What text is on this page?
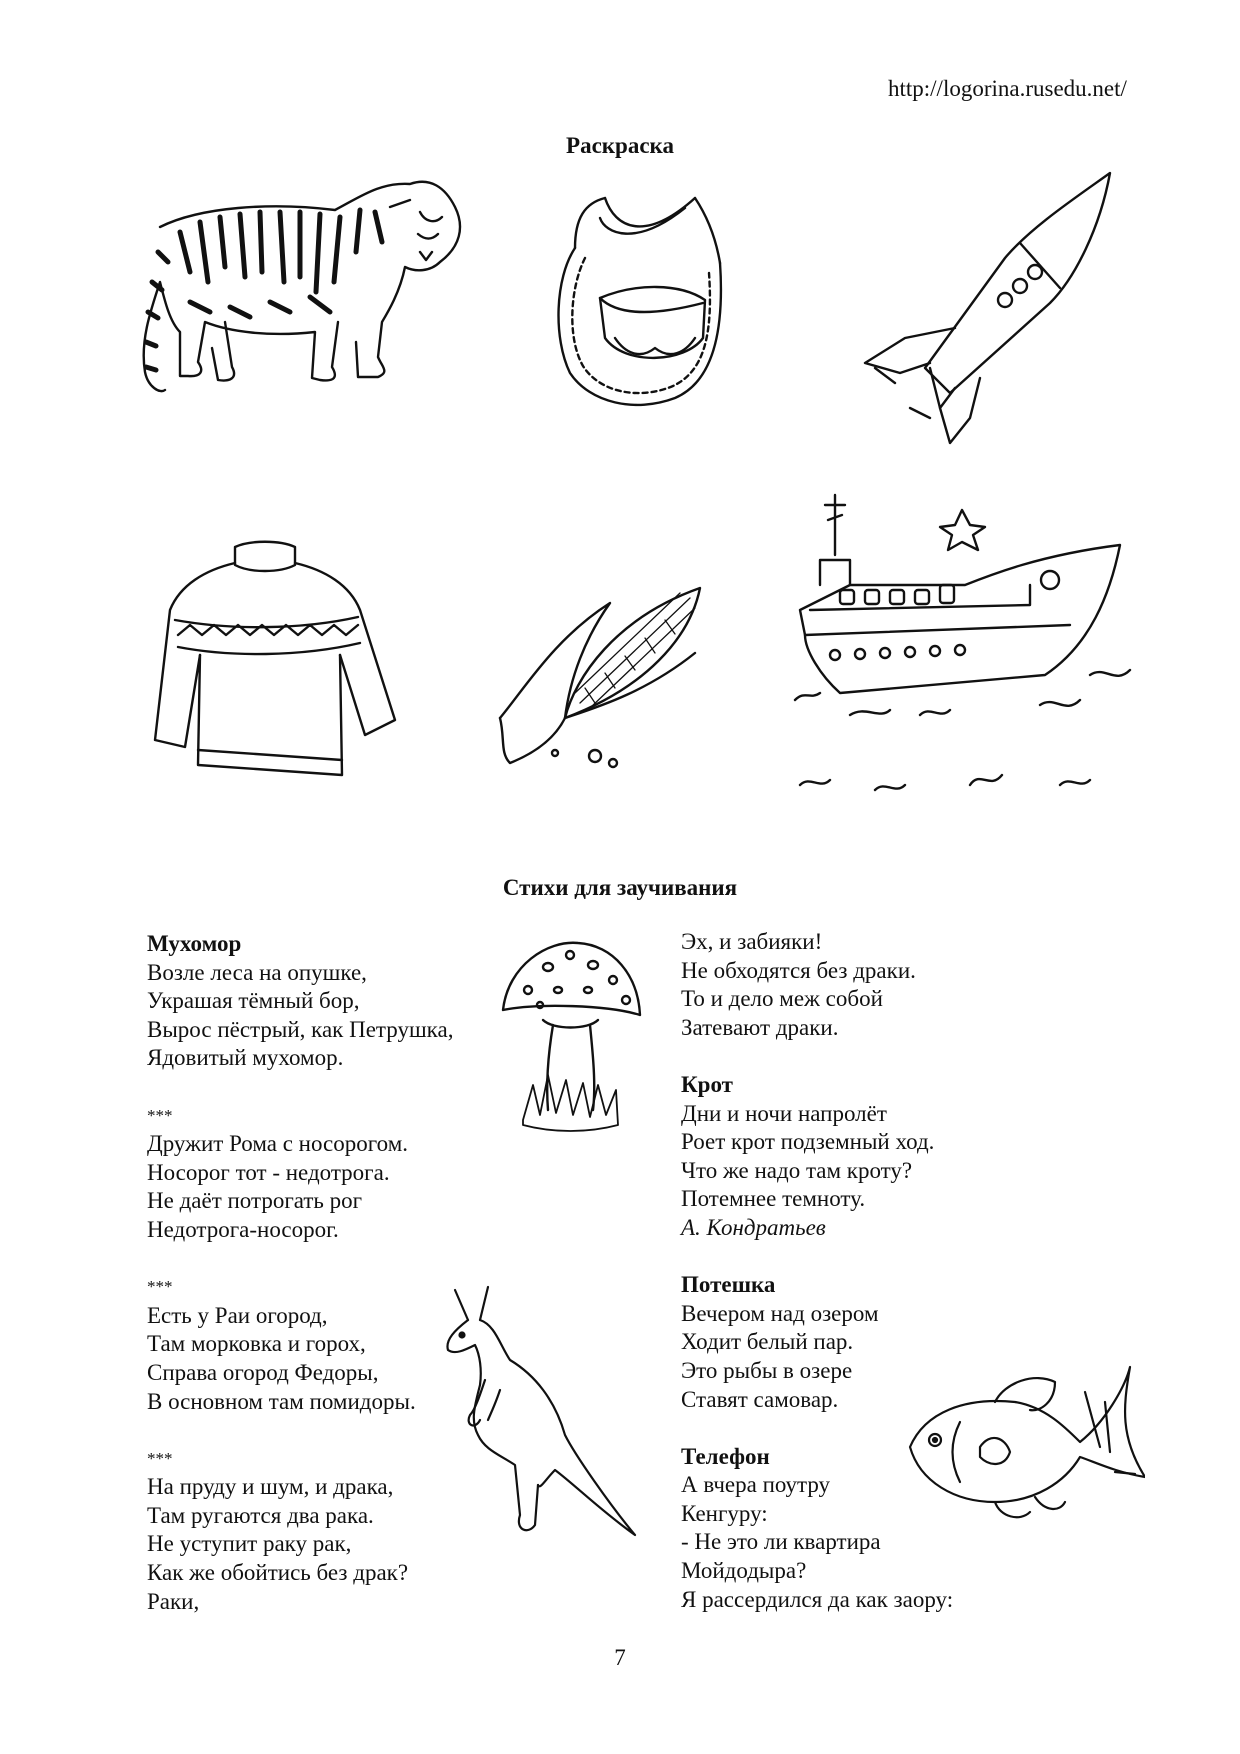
http://logorina.rusedu.net/
Раскраска
Стихи для заучивания
Мухомор
Возле леса на опушке,
Украшая тёмный бор,
Вырос пёстрый, как Петрушка,
Ядовитый мухомор.

***
Дружит Рома с носорогом.
Носорог тот - недотрога.
Не даёт потрогать рог
Недотрога-носорог.

***
Есть у Раи огород,
Там морковка и горох,
Справа огород Федоры,
В основном там помидоры.

***
На пруду и шум, и драка,
Там ругаются два рака.
Не уступит раку рак,
Как же обойтись без драк?
Раки,
Эх, и забияки!
Не обходятся без драки.
То и дело меж собой
Затевают драки.

Крот
Дни и ночи напролёт
Роет крот подземный ход.
Что же надо там кроту?
Потемнее темноту.
А. Кондратьев

Потешка
Вечером над озером
Ходит белый пар.
Это рыбы в озере
Ставят самовар.

Телефон
А вчера поутру
Кенгуру:
- Не это ли квартира
Мойдодыра?
Я рассердился да как заору:
7
